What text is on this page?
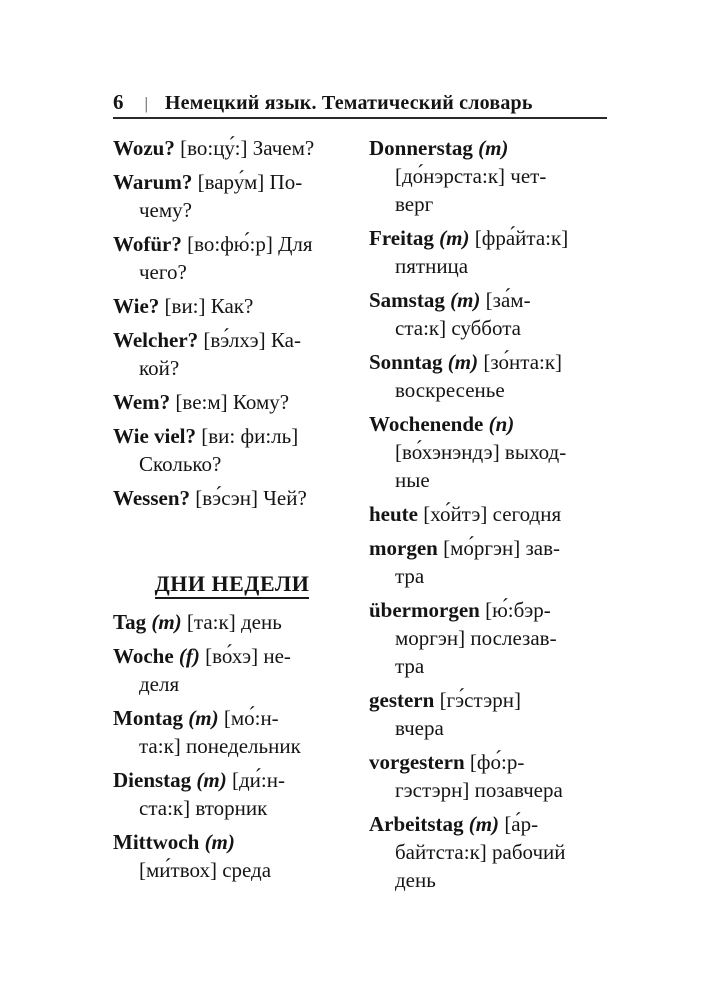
6 | Немецкий язык. Тематический словарь
Wozu? [во:цу́:] Зачем?
Warum? [вару́м] По-
чему?
Wofür? [во:фю́:р] Для
чего?
Wie? [ви:] Как?
Welcher? [вэ́лхэ] Ка-
кой?
Wem? [ве:м] Кому?
Wie viel? [ви: фи:ль]
Сколько?
Wessen? [вэ́сэн] Чей?
ДНИ НЕДЕЛИ
Tag (m) [та:к] день
Woche (f) [во́хэ] не-
деля
Montag (m) [мо́:н-
та:к] понедельник
Dienstag (m) [ди́:н-
ста:к] вторник
Mittwoch (m)
[ми́твох] среда
Donnerstag (m)
[до́нэрста:к] чет-
верг
Freitag (m) [фра́йта:к]
пятница
Samstag (m) [за́м-
ста:к] суббота
Sonntag (m) [зо́нта:к]
воскресенье
Wochenende (n)
[во́хэнэндэ] выход-
ные
heute [хо́йтэ] сегодня
morgen [мо́ргэн] зав-
тра
übermorgen [ю́:бэр-
моргэн] послезав-
тра
gestern [гэ́стэрн]
вчера
vorgestern [фо́:р-
гэстэрн] позавчера
Arbeitstag (m) [а́р-
байтста:к] рабочий
день
